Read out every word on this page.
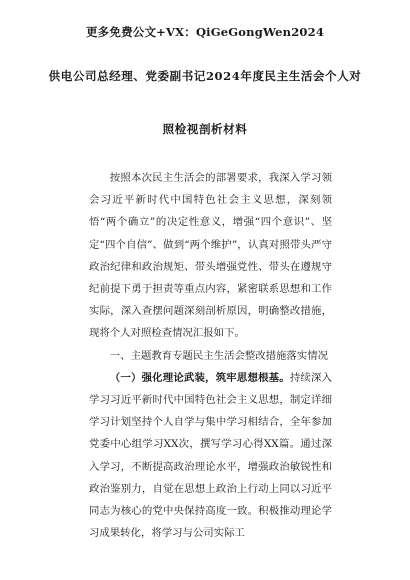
更多免费公文+VX：QiGeGongWen2024
供电公司总经理、党委副书记2024年度民主生活会个人对
照检视剖析材料

按照本次民主生活会的部署要求，我深入学习领会习近平新时代中国特色社会主义思想，深刻领悟“两个确立”的决定性意义，增强“四个意识”、坚定“四个自信”、做到“两个维护”，认真对照带头严守政治纪律和政治规矩、带头增强党性、带头在遵规守纪前提下勇于担责等重点内容，紧密联系思想和工作实际，深入查摆问题深刻剖析原因，明确整改措施，现将个人对照检查情况汇报如下。

一、主题教育专题民主生活会整改措施落实情况

（一）强化理论武装，筑牢思想根基。持续深入学习习近平新时代中国特色社会主义思想，制定详细学习计划坚持个人自学与集中学习相结合，全年参加党委中心组学习XX次，撰写学习心得XX篇。通过深入学习，不断提高政治理论水平，增强政治敏锐性和政治鉴别力，自觉在思想上政治上行动上同以习近平同志为核心的党中央保持高度一致。积极推动理论学习成果转化，将学习与公司实际工
